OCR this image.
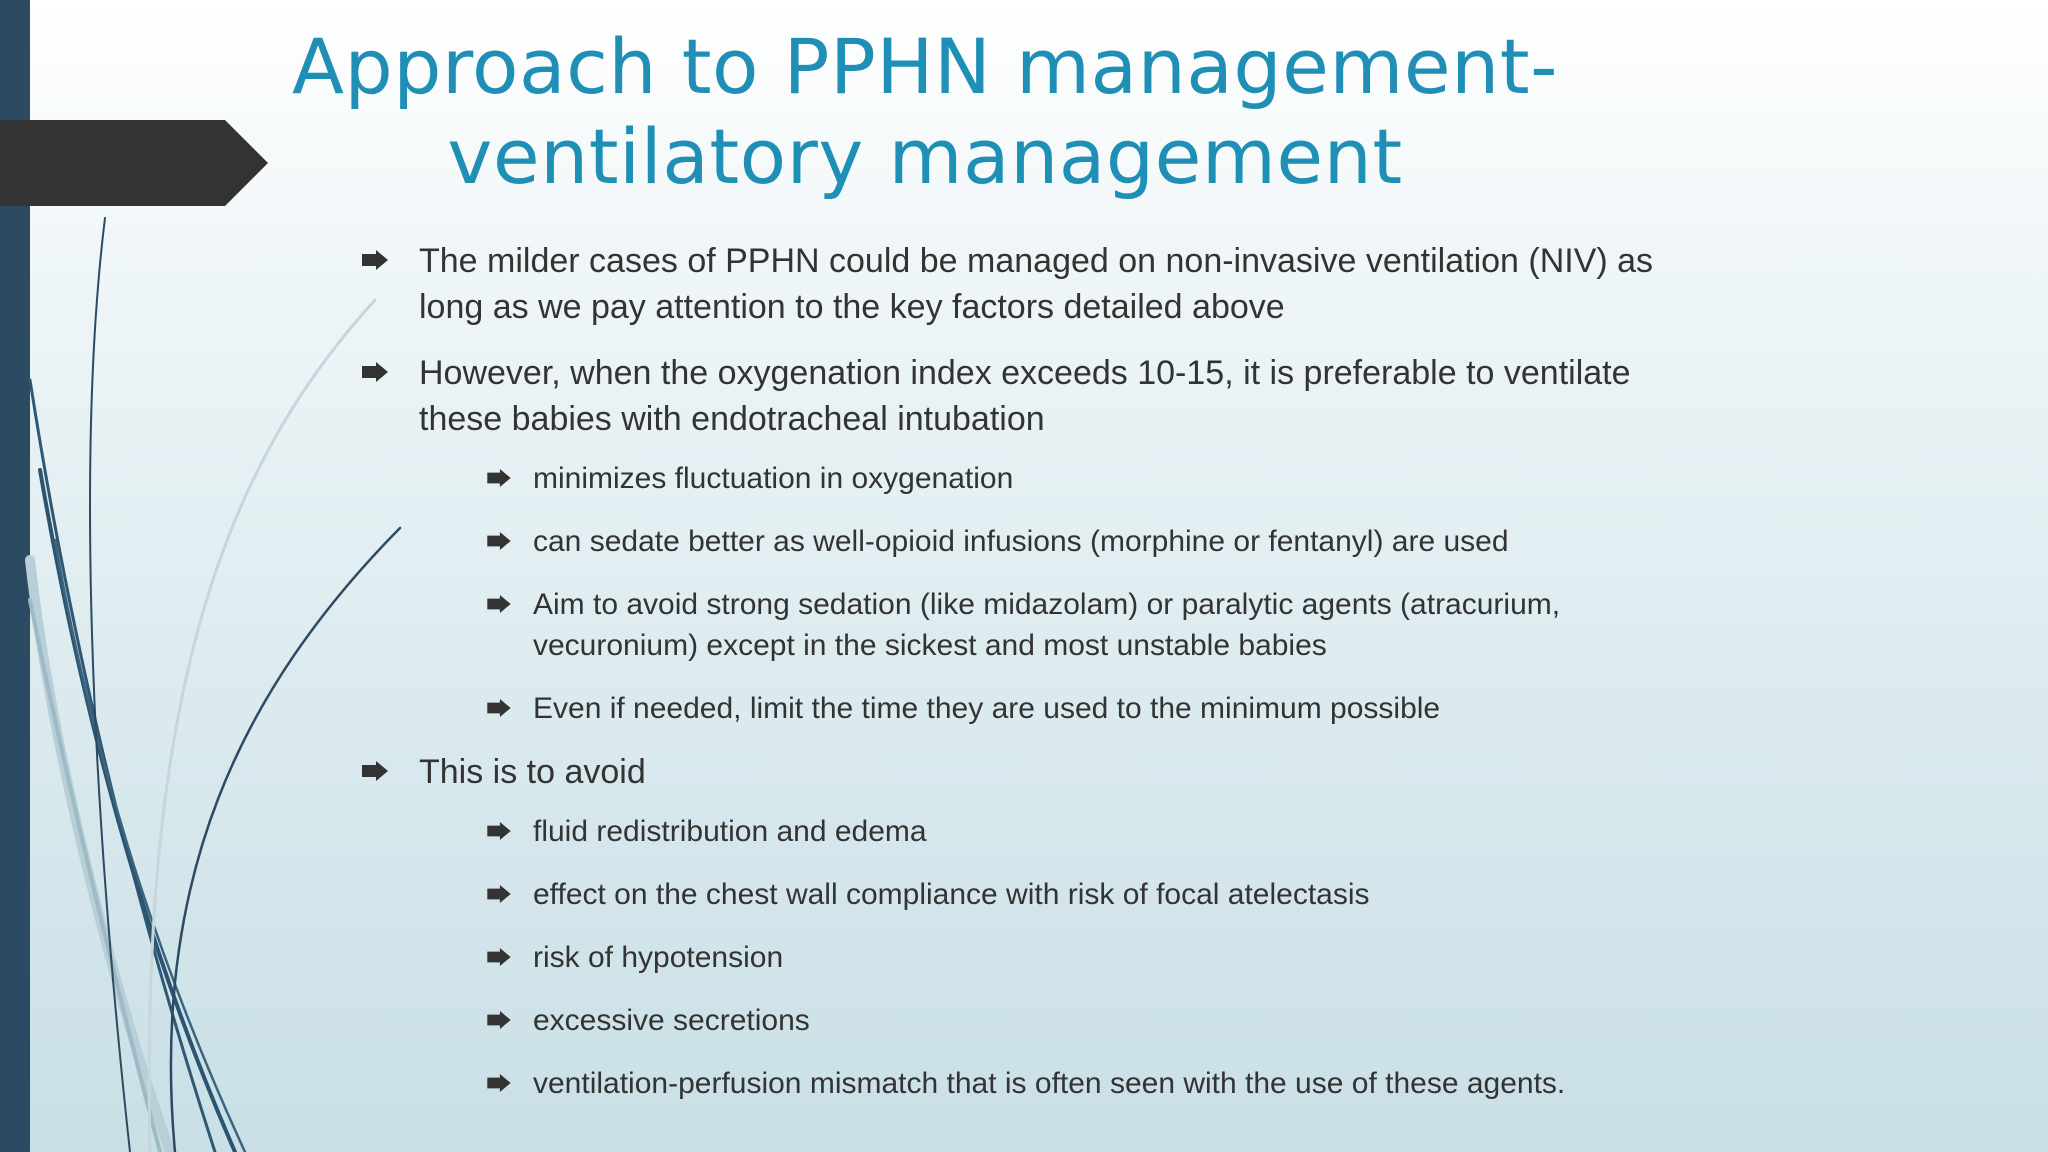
Approach to PPHN management- ventilatory management
The milder cases of PPHN could be managed on non-invasive ventilation (NIV) as long as we pay attention to the key factors detailed above
However, when the oxygenation index exceeds 10-15, it is preferable to ventilate these babies with endotracheal intubation
minimizes fluctuation in oxygenation
can sedate better as well-opioid infusions (morphine or fentanyl) are used
Aim to avoid strong sedation (like midazolam) or paralytic agents (atracurium, vecuronium) except in the sickest and most unstable babies
Even if needed, limit the time they are used to the minimum possible
This is to avoid
fluid redistribution and edema
effect on the chest wall compliance with risk of focal atelectasis
risk of hypotension
excessive secretions
ventilation-perfusion mismatch that is often seen with the use of these agents.
